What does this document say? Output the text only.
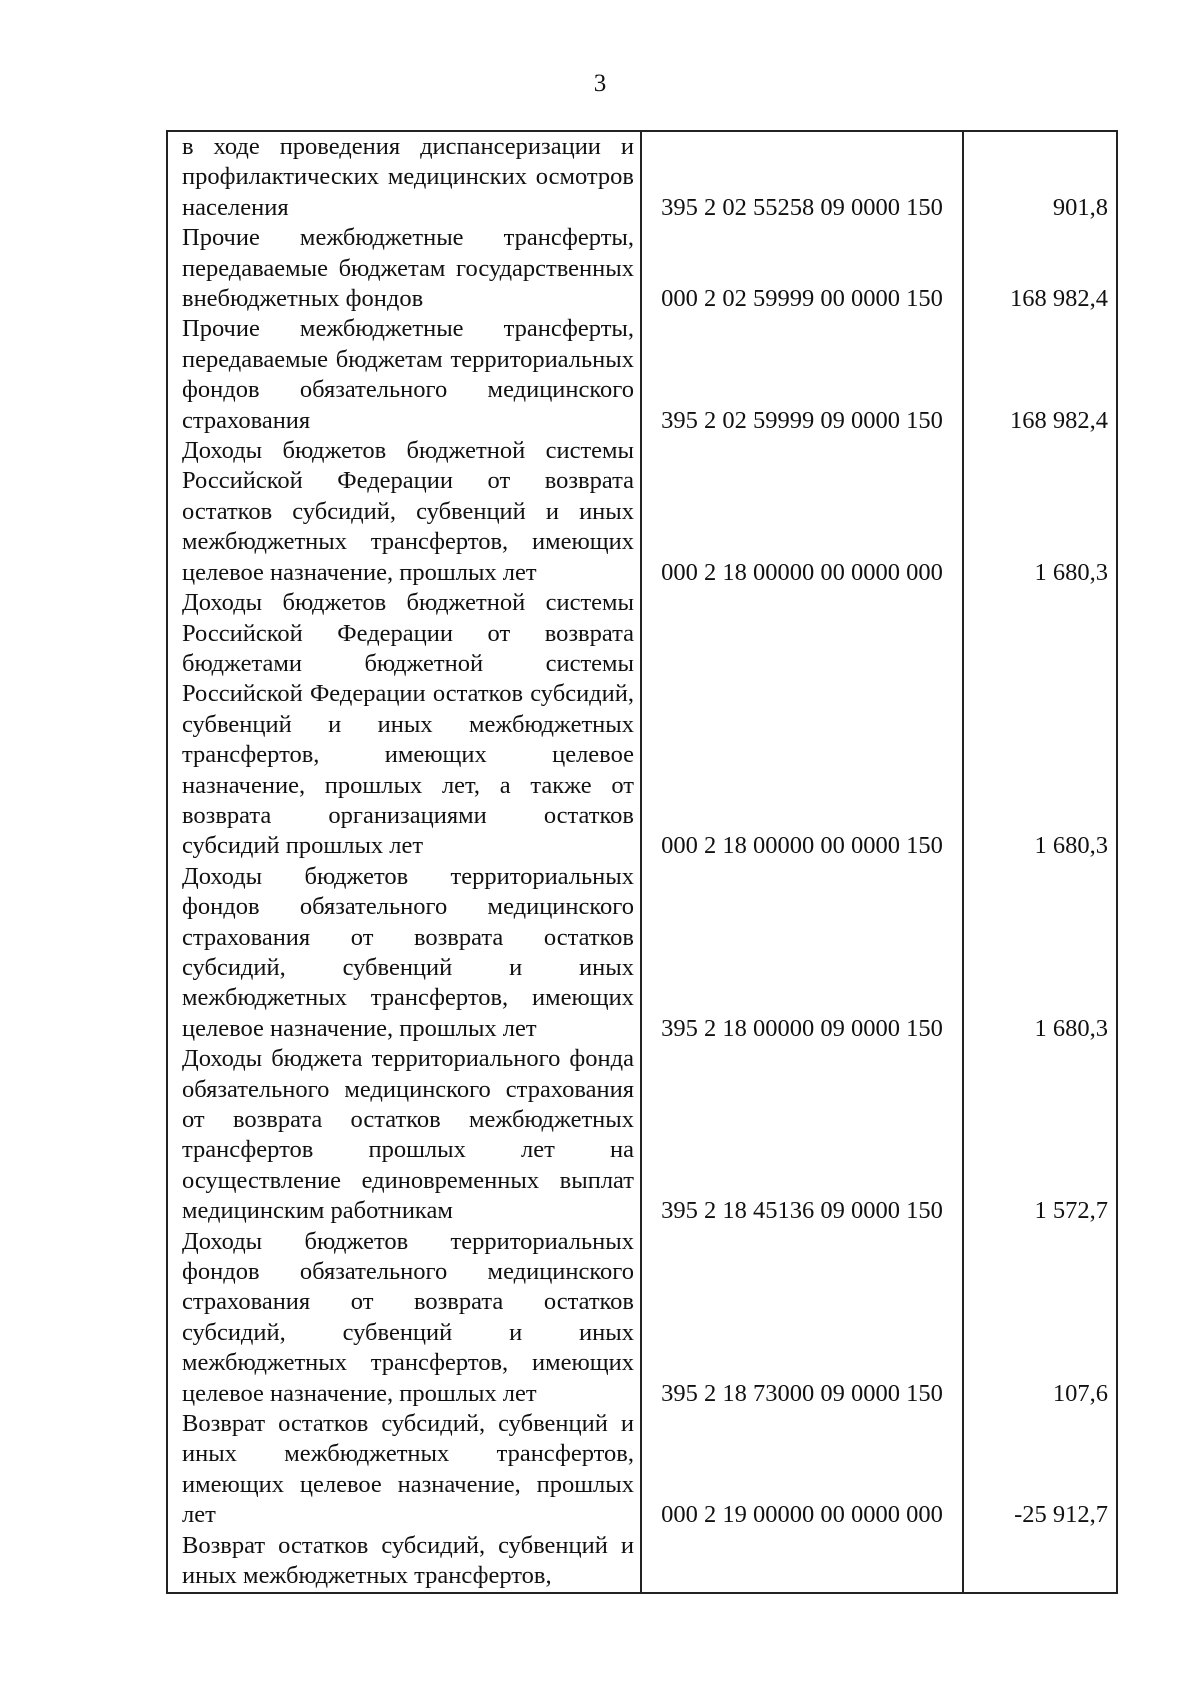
3
в ходе проведения диспансеризации и профилактических медицинских осмотров населения	395 2 02 55258 09 0000 150	901,8

Прочие межбюджетные трансферты, передаваемые бюджетам государственных внебюджетных фондов	000 2 02 59999 00 0000 150	168 982,4

Прочие межбюджетные трансферты, передаваемые бюджетам территориальных фондов обязательного медицинского страхования	395 2 02 59999 09 0000 150	168 982,4

Доходы бюджетов бюджетной системы Российской Федерации от возврата остатков субсидий, субвенций и иных межбюджетных трансфертов, имеющих целевое назначение, прошлых лет	000 2 18 00000 00 0000 000	1 680,3

Доходы бюджетов бюджетной системы Российской Федерации от возврата бюджетами бюджетной системы Российской Федерации остатков субсидий, субвенций и иных межбюджетных трансфертов, имеющих целевое назначение, прошлых лет, а также от возврата организациями остатков субсидий прошлых лет	000 2 18 00000 00 0000 150	1 680,3

Доходы бюджетов территориальных фондов обязательного медицинского страхования от возврата остатков субсидий, субвенций и иных межбюджетных трансфертов, имеющих целевое назначение, прошлых лет	395 2 18 00000 09 0000 150	1 680,3

Доходы бюджета территориального фонда обязательного медицинского страхования от возврата остатков межбюджетных трансфертов прошлых лет на осуществление единовременных выплат медицинским работникам	395 2 18 45136 09 0000 150	1 572,7

Доходы бюджетов территориальных фондов обязательного медицинского страхования от возврата остатков субсидий, субвенций и иных межбюджетных трансфертов, имеющих целевое назначение, прошлых лет	395 2 18 73000 09 0000 150	107,6

Возврат остатков субсидий, субвенций и иных межбюджетных трансфертов, имеющих целевое назначение, прошлых лет	000 2 19 00000 00 0000 000	-25 912,7

Возврат остатков субсидий, субвенций и иных межбюджетных трансфертов,		
